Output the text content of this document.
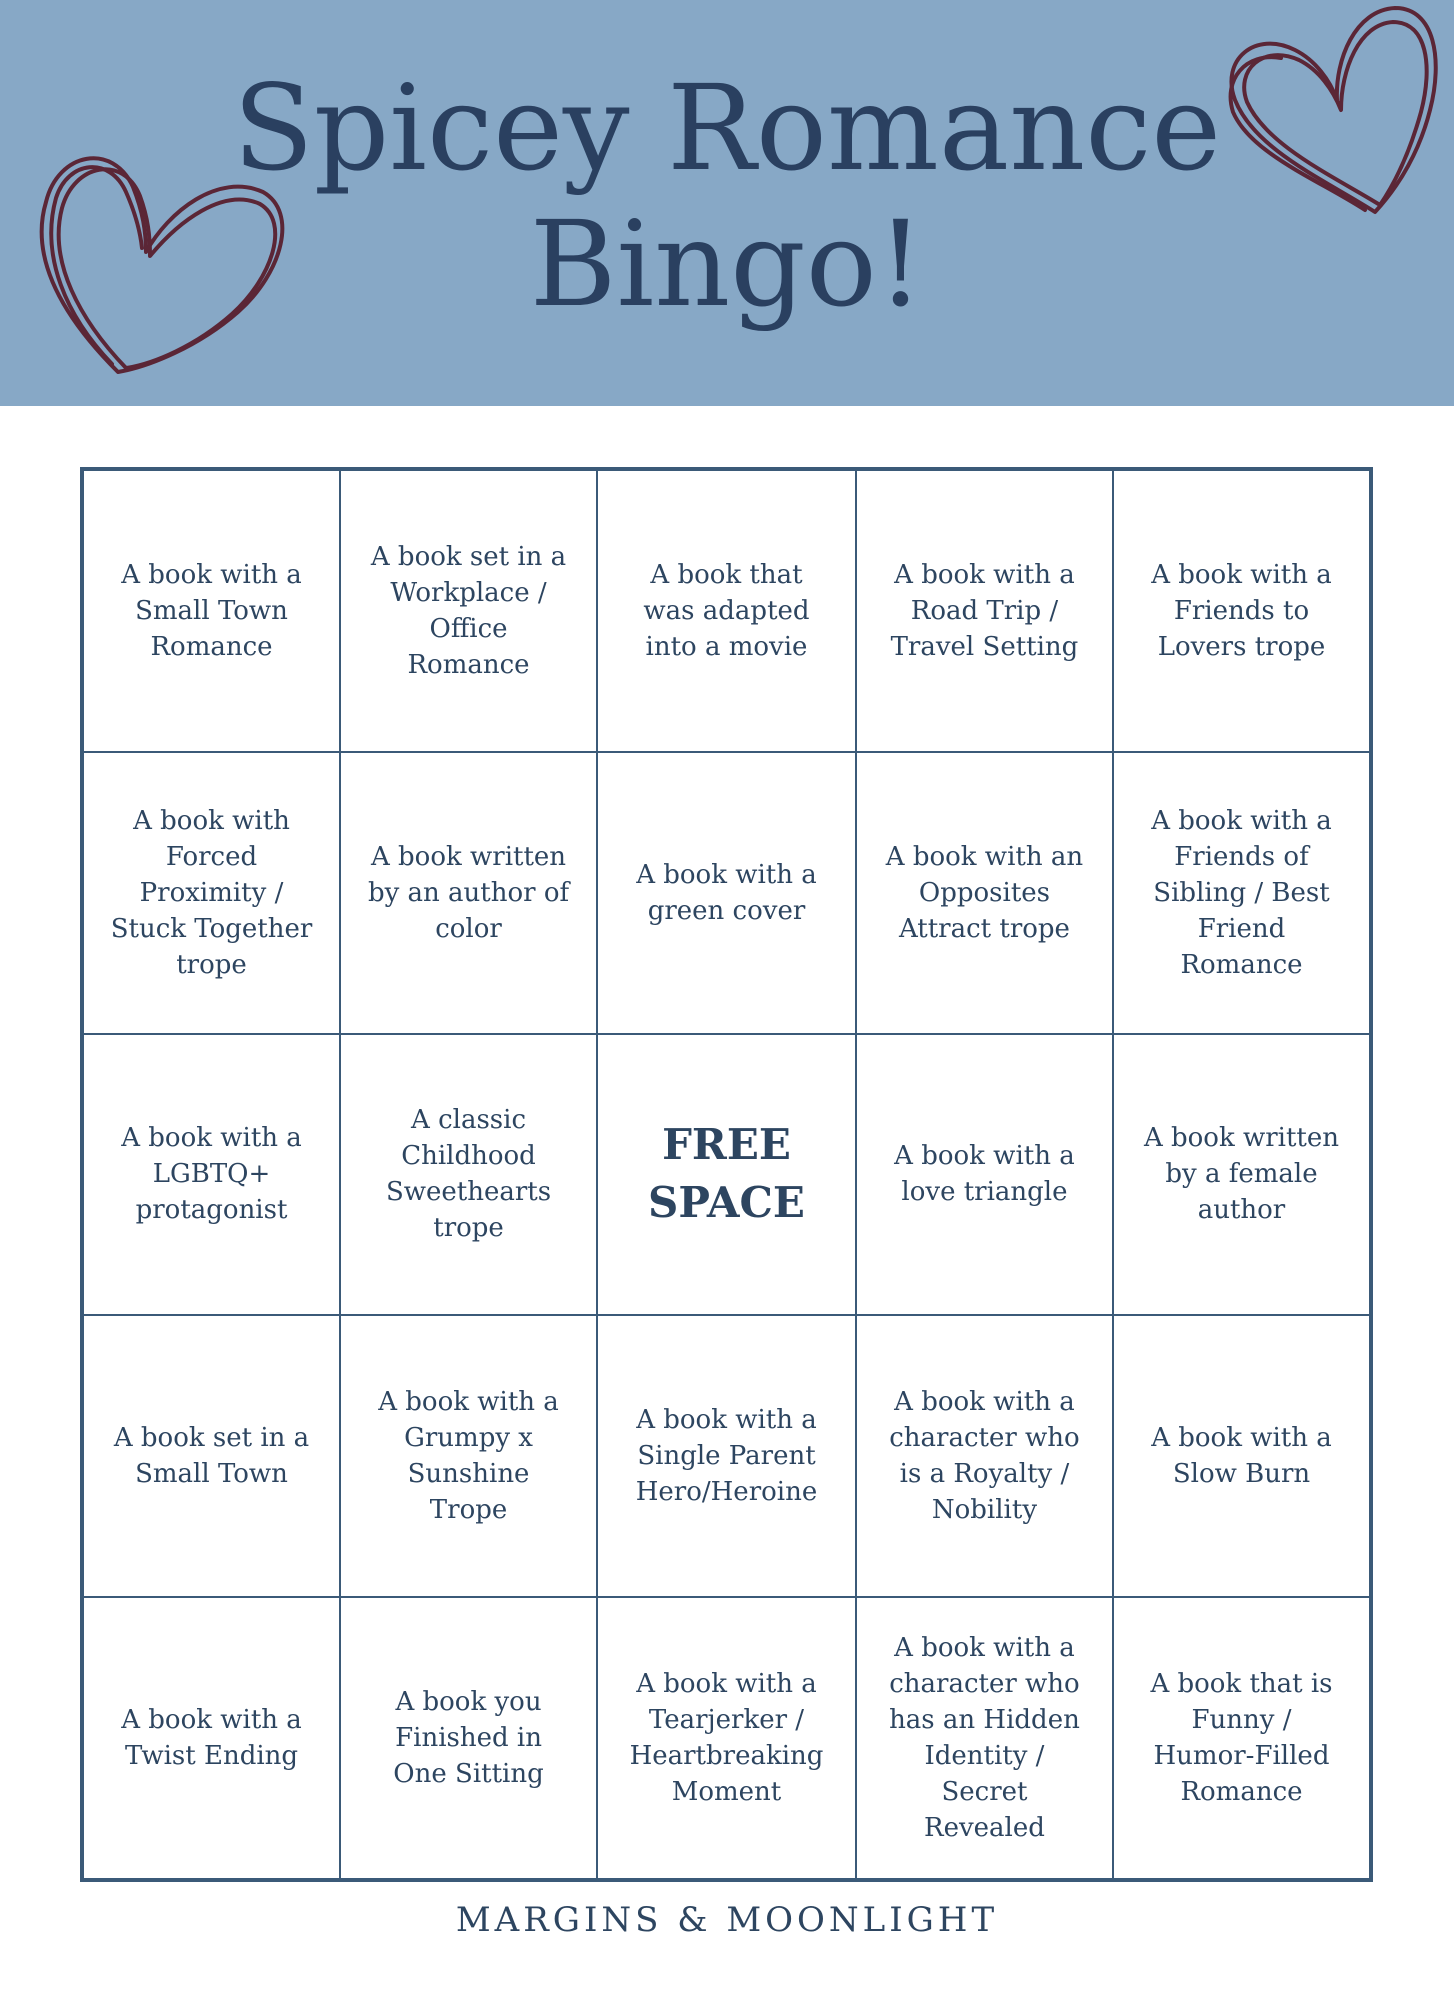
Spicey Romance
Bingo!
A book with a Small Town Romance
A book set in a Workplace / Office Romance
A book that was adapted into a movie
A book with a Road Trip / Travel Setting
A book with a Friends to Lovers trope
A book with Forced Proximity / Stuck Together trope
A book written by an author of color
A book with a green cover
A book with an Opposites Attract trope
A book with a Friends of Sibling / Best Friend Romance
A book with a LGBTQ+ protagonist
A classic Childhood Sweethearts trope
FREE SPACE
A book with a love triangle
A book written by a female author
A book set in a Small Town
A book with a Grumpy x Sunshine Trope
A book with a Single Parent Hero/Heroine
A book with a character who is a Royalty / Nobility
A book with a Slow Burn
A book with a Twist Ending
A book you Finished in One Sitting
A book with a Tearjerker / Heartbreaking Moment
A book with a character who has an Hidden Identity / Secret Revealed
A book that is Funny / Humor-Filled Romance
MARGINS & MOONLIGHT
